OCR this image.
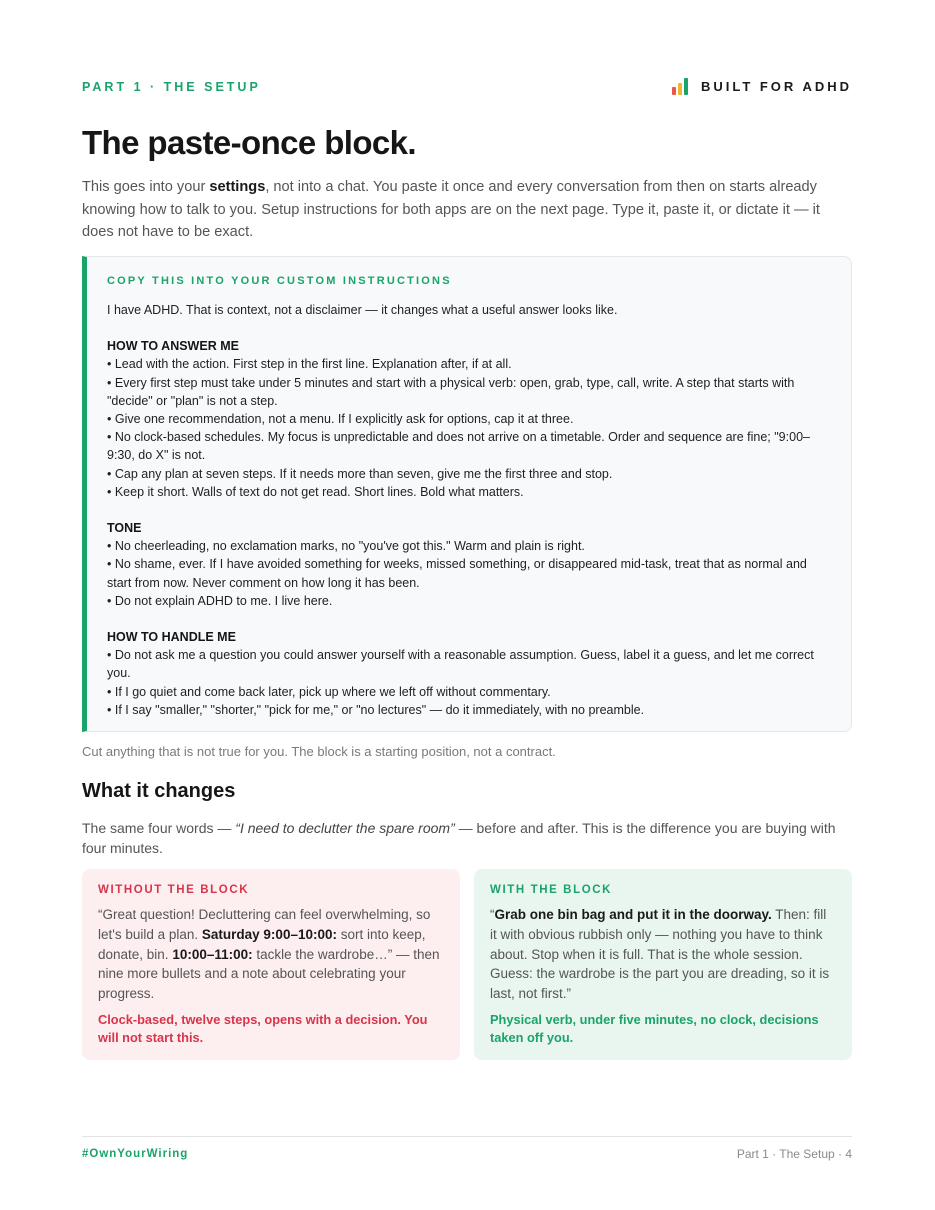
PART 1 · THE SETUP	BUILT FOR ADHD
The paste-once block.

This goes into your settings, not into a chat. You paste it once and every conversation from then on starts already knowing how to talk to you. Setup instructions for both apps are on the next page. Type it, paste it, or dictate it — it does not have to be exact.

COPY THIS INTO YOUR CUSTOM INSTRUCTIONS

I have ADHD. That is context, not a disclaimer — it changes what a useful answer looks like.

HOW TO ANSWER ME
• Lead with the action. First step in the first line. Explanation after, if at all.
• Every first step must take under 5 minutes and start with a physical verb: open, grab, type, call, write. A step that starts with "decide" or "plan" is not a step.
• Give one recommendation, not a menu. If I explicitly ask for options, cap it at three.
• No clock-based schedules. My focus is unpredictable and does not arrive on a timetable. Order and sequence are fine; "9:00–9:30, do X" is not.
• Cap any plan at seven steps. If it needs more than seven, give me the first three and stop.
• Keep it short. Walls of text do not get read. Short lines. Bold what matters.
TONE
• No cheerleading, no exclamation marks, no "you've got this." Warm and plain is right.
• No shame, ever. If I have avoided something for weeks, missed something, or disappeared mid-task, treat that as normal and start from now. Never comment on how long it has been.
• Do not explain ADHD to me. I live here.
HOW TO HANDLE ME
• Do not ask me a question you could answer yourself with a reasonable assumption. Guess, label it a guess, and let me correct you.
• If I go quiet and come back later, pick up where we left off without commentary.
• If I say "smaller," "shorter," "pick for me," or "no lectures" — do it immediately, with no preamble.

Cut anything that is not true for you. The block is a starting position, not a contract.

What it changes

The same four words — “I need to declutter the spare room” — before and after. This is the difference you are buying with four minutes.

WITHOUT THE BLOCK

“Great question! Decluttering can feel overwhelming, so let's build a plan. Saturday 9:00–10:00: sort into keep, donate, bin. 10:00–11:00: tackle the wardrobe…” — then nine more bullets and a note about celebrating your progress.

Clock-based, twelve steps, opens with a decision. You will not start this.

WITH THE BLOCK

“Grab one bin bag and put it in the doorway. Then: fill it with obvious rubbish only — nothing you have to think about. Stop when it is full. That is the whole session. Guess: the wardrobe is the part you are dreading, so it is last, not first.”

Physical verb, under five minutes, no clock, decisions taken off you.

#OwnYourWiring	Part 1 · The Setup · 4
